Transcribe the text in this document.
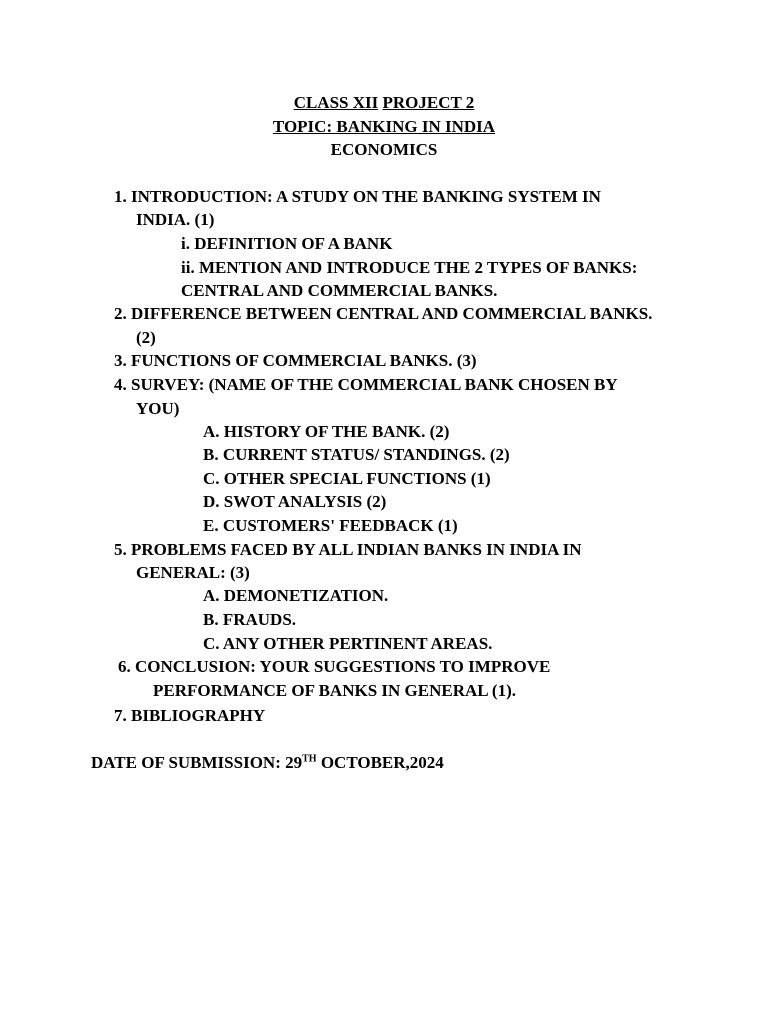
CLASS XII PROJECT 2
TOPIC: BANKING IN INDIA
ECONOMICS
1. INTRODUCTION: A STUDY ON THE BANKING SYSTEM IN
INDIA. (1)
i. DEFINITION OF A BANK
ii. MENTION AND INTRODUCE THE 2 TYPES OF BANKS:
CENTRAL AND COMMERCIAL BANKS.
2. DIFFERENCE BETWEEN CENTRAL AND COMMERCIAL BANKS.
(2)
3. FUNCTIONS OF COMMERCIAL BANKS. (3)
4. SURVEY: (NAME OF THE COMMERCIAL BANK CHOSEN BY
YOU)
A. HISTORY OF THE BANK. (2)
B. CURRENT STATUS/ STANDINGS. (2)
C. OTHER SPECIAL FUNCTIONS (1)
D. SWOT ANALYSIS (2)
E. CUSTOMERS' FEEDBACK (1)
5. PROBLEMS FACED BY ALL INDIAN BANKS IN INDIA IN
GENERAL: (3)
A. DEMONETIZATION.
B. FRAUDS.
C. ANY OTHER PERTINENT AREAS.
6. CONCLUSION: YOUR SUGGESTIONS TO IMPROVE
PERFORMANCE OF BANKS IN GENERAL (1).
7. BIBLIOGRAPHY
DATE OF SUBMISSION: 29TH OCTOBER,2024
